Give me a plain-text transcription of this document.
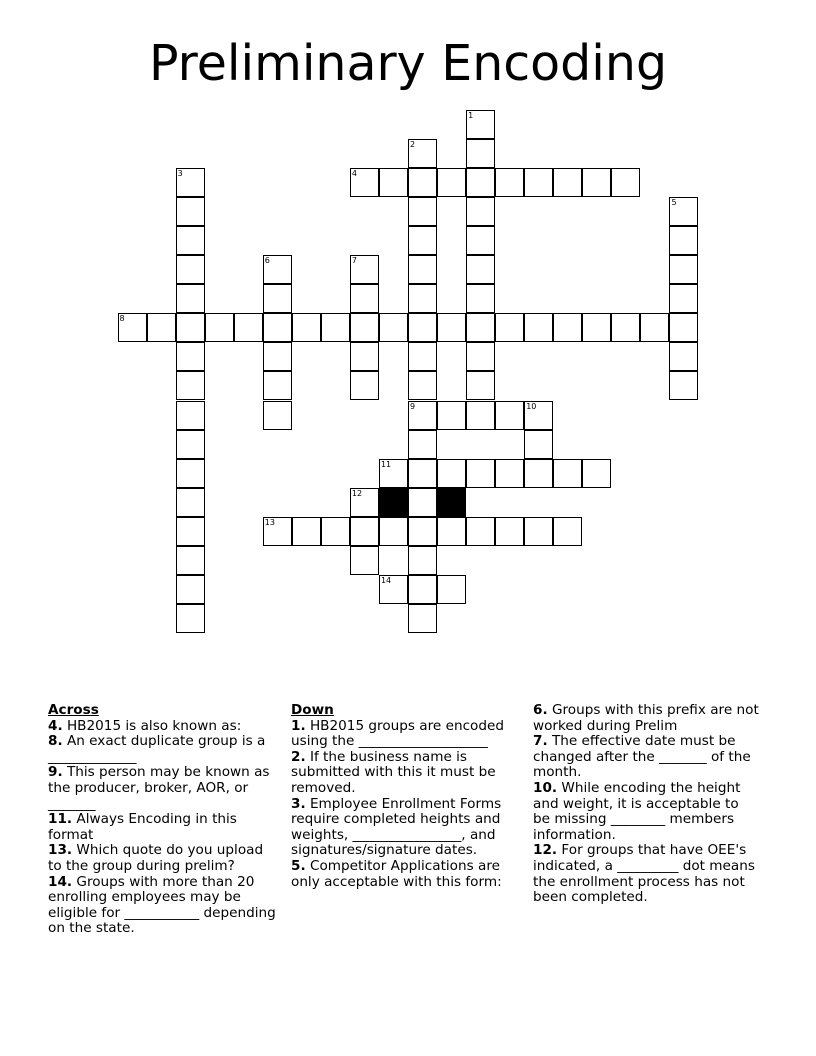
Preliminary Encoding
1
2
9
3	4
5
6	7
8
10
11
12
13
14

Across

4. HB2015 is also known as:

8. An exact duplicate group is a _____________

9. This person may be known as the producer, broker, AOR, or _______

11. Always Encoding in this format

13. Which quote do you upload to the group during prelim?

14. Groups with more than 20 enrolling employees may be eligible for ___________ depending on the state.

Down

1. HB2015 groups are encoded using the ___________________

2. If the business name is submitted with this it must be removed.

3. Employee Enrollment Forms require completed heights and weights, ________________, and signatures/signature dates.

5. Competitor Applications are only acceptable with this form:

6. Groups with this prefix are not worked during Prelim

7. The effective date must be changed after the _______ of the month.

10. While encoding the height and weight, it is acceptable to be missing ________ members information.

12. For groups that have OEE's indicated, a _________ dot means the enrollment process has not been completed.
